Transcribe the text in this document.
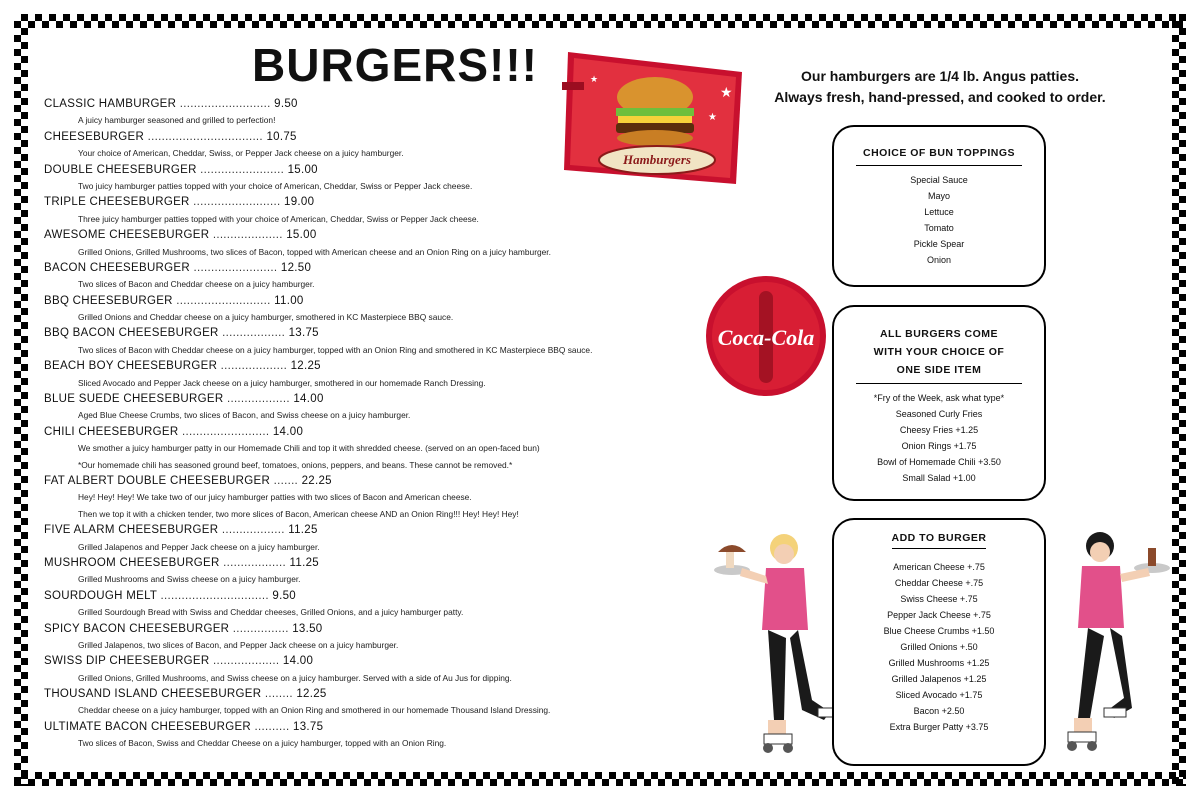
BURGERS!!!
CLASSIC HAMBURGER .......................... 9.50
A juicy hamburger seasoned and grilled to perfection!
CHEESEBURGER ................................. 10.75
Your choice of American, Cheddar, Swiss, or Pepper Jack cheese on a juicy hamburger.
DOUBLE CHEESEBURGER ........................ 15.00
Two juicy hamburger patties topped with your choice of American, Cheddar, Swiss or Pepper Jack cheese.
TRIPLE CHEESEBURGER ......................... 19.00
Three juicy hamburger patties topped with your choice of American, Cheddar, Swiss or Pepper Jack cheese.
AWESOME CHEESEBURGER .................... 15.00
Grilled Onions, Grilled Mushrooms, two slices of Bacon, topped with American cheese and an Onion Ring on a juicy hamburger.
BACON CHEESEBURGER ........................ 12.50
Two slices of Bacon and Cheddar cheese on a juicy hamburger.
BBQ CHEESEBURGER ........................... 11.00
Grilled Onions and Cheddar cheese on a juicy hamburger, smothered in KC Masterpiece BBQ sauce.
BBQ BACON CHEESEBURGER .................. 13.75
Two slices of Bacon with Cheddar cheese on a juicy hamburger, topped with an Onion Ring and smothered in KC Masterpiece BBQ sauce.
BEACH BOY CHEESEBURGER ................... 12.25
Sliced Avocado and Pepper Jack cheese on a juicy hamburger, smothered in our homemade Ranch Dressing.
BLUE SUEDE CHEESEBURGER .................. 14.00
Aged Blue Cheese Crumbs, two slices of Bacon, and Swiss cheese on a juicy hamburger.
CHILI CHEESEBURGER ......................... 14.00
We smother a juicy hamburger patty in our Homemade Chili and top it with shredded cheese. (served on an open-faced bun)
*Our homemade chili has seasoned ground beef, tomatoes, onions, peppers, and beans. These cannot be removed.*
FAT ALBERT DOUBLE CHEESEBURGER ....... 22.25
Hey! Hey! Hey! We take two of our juicy hamburger patties with two slices of Bacon and American cheese.
Then we top it with a chicken tender, two more slices of Bacon, American cheese AND an Onion Ring!!! Hey! Hey! Hey!
FIVE ALARM CHEESEBURGER .................. 11.25
Grilled Jalapenos and Pepper Jack cheese on a juicy hamburger.
MUSHROOM CHEESEBURGER .................. 11.25
Grilled Mushrooms and Swiss cheese on a juicy hamburger.
SOURDOUGH MELT ............................... 9.50
Grilled Sourdough Bread with Swiss and Cheddar cheeses, Grilled Onions, and a juicy hamburger patty.
SPICY BACON CHEESEBURGER ................ 13.50
Grilled Jalapenos, two slices of Bacon, and Pepper Jack cheese on a juicy hamburger.
SWISS DIP CHEESEBURGER ................... 14.00
Grilled Onions, Grilled Mushrooms, and Swiss cheese on a juicy hamburger. Served with a side of Au Jus for dipping.
THOUSAND ISLAND CHEESEBURGER ........ 12.25
Cheddar cheese on a juicy hamburger, topped with an Onion Ring and smothered in our homemade Thousand Island Dressing.
ULTIMATE BACON CHEESEBURGER .......... 13.75
Two slices of Bacon, Swiss and Cheddar Cheese on a juicy hamburger, topped with an Onion Ring.
Our hamburgers are 1/4 lb. Angus patties.
Always fresh, hand-pressed, and cooked to order.
★
★
★
Hamburgers
Coca-Cola
CHOICE OF BUN TOPPINGS
Special Sauce
Mayo
Lettuce
Tomato
Pickle Spear
Onion
ALL BURGERS COME
WITH YOUR CHOICE OF
ONE SIDE ITEM
*Fry of the Week, ask what type*
Seasoned Curly Fries
Cheesy Fries +1.25
Onion Rings +1.75
Bowl of Homemade Chili +3.50
Small Salad +1.00
ADD TO BURGER
American Cheese +.75
Cheddar Cheese +.75
Swiss Cheese +.75
Pepper Jack Cheese +.75
Blue Cheese Crumbs +1.50
Grilled Onions +.50
Grilled Mushrooms +1.25
Grilled Jalapenos +1.25
Sliced Avocado +1.75
Bacon +2.50
Extra Burger Patty +3.75
